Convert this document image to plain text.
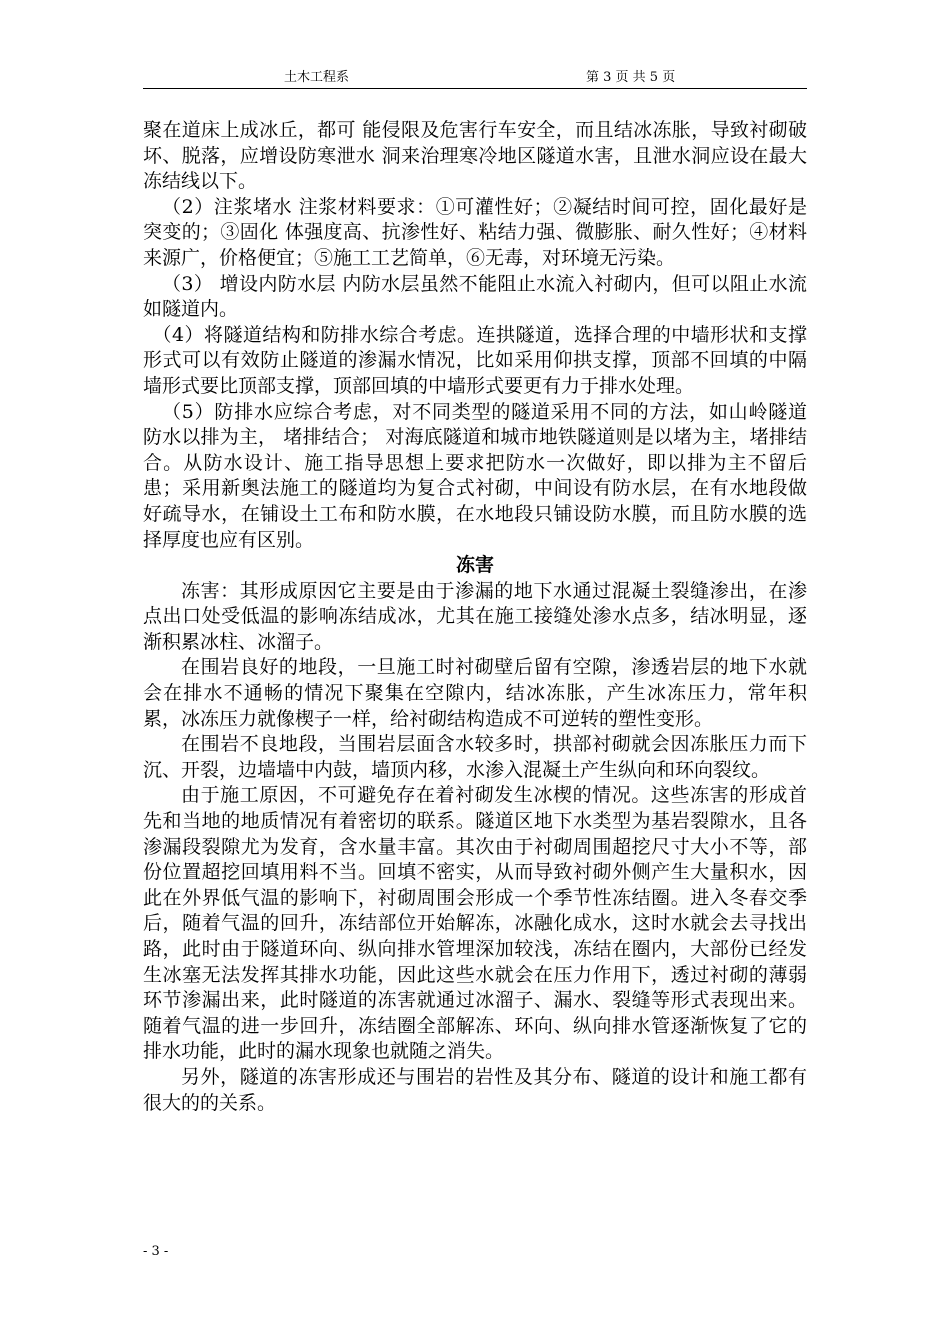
土木工程系	第 3 页 共 5 页

聚在道床上成冰丘，都可 能侵限及危害行车安全，而且结冰冻胀，导致衬砌破坏、脱落，应增设防寒泄水 洞来治理寒冷地区隧道水害，且泄水洞应设在最大冻结线以下。

（2）注浆堵水 注浆材料要求：①可灌性好；②凝结时间可控，固化最好是突变的；③固化 体强度高、抗渗性好、粘结力强、微膨胀、耐久性好；④材料来源广，价格便宜；⑤施工工艺简单，⑥无毒，对环境无污染。

（3） 增设内防水层 内防水层虽然不能阻止水流入衬砌内，但可以阻止水流如隧道内。

（4）将隧道结构和防排水综合考虑。连拱隧道，选择合理的中墙形状和支撑形式可以有效防止隧道的渗漏水情况，比如采用仰拱支撑，顶部不回填的中隔墙形式要比顶部支撑，顶部回填的中墙形式要更有力于排水处理。

（5）防排水应综合考虑，对不同类型的隧道采用不同的方法，如山岭隧道 防水以排为主， 堵排结合； 对海底隧道和城市地铁隧道则是以堵为主，堵排结合。从防水设计、施工指导思想上要求把防水一次做好，即以排为主不留后患；采用新奥法施工的隧道均为复合式衬砌，中间设有防水层，在有水地段做好疏导水，在铺设土工布和防水膜，在水地段只铺设防水膜，而且防水膜的选择厚度也应有区别。

冻害

冻害：其形成原因它主要是由于渗漏的地下水通过混凝土裂缝渗出，在渗点出口处受低温的影响冻结成冰，尤其在施工接缝处渗水点多，结冰明显，逐渐积累冰柱、冰溜子。

在围岩良好的地段，一旦施工时衬砌壁后留有空隙，渗透岩层的地下水就会在排水不通畅的情况下聚集在空隙内，结冰冻胀，产生冰冻压力，常年积累，冰冻压力就像楔子一样，给衬砌结构造成不可逆转的塑性变形。

在围岩不良地段，当围岩层面含水较多时，拱部衬砌就会因冻胀压力而下沉、开裂，边墙墙中内鼓，墙顶内移，水渗入混凝土产生纵向和环向裂纹。

由于施工原因，不可避免存在着衬砌发生冰楔的情况。这些冻害的形成首先和当地的地质情况有着密切的联系。隧道区地下水类型为基岩裂隙水，且各渗漏段裂隙尤为发育，含水量丰富。其次由于衬砌周围超挖尺寸大小不等，部份位置超挖回填用料不当。回填不密实，从而导致衬砌外侧产生大量积水，因此在外界低气温的影响下，衬砌周围会形成一个季节性冻结圈。进入冬春交季后，随着气温的回升，冻结部位开始解冻，冰融化成水，这时水就会去寻找出路，此时由于隧道环向、纵向排水管埋深加较浅，冻结在圈内，大部份已经发生冰塞无法发挥其排水功能，因此这些水就会在压力作用下，透过衬砌的薄弱环节渗漏出来，此时隧道的冻害就通过冰溜子、漏水、裂缝等形式表现出来。随着气温的进一步回升，冻结圈全部解冻、环向、纵向排水管逐渐恢复了它的排水功能，此时的漏水现象也就随之消失。

另外，隧道的冻害形成还与围岩的岩性及其分布、隧道的设计和施工都有很大的的关系。

- 3 -
